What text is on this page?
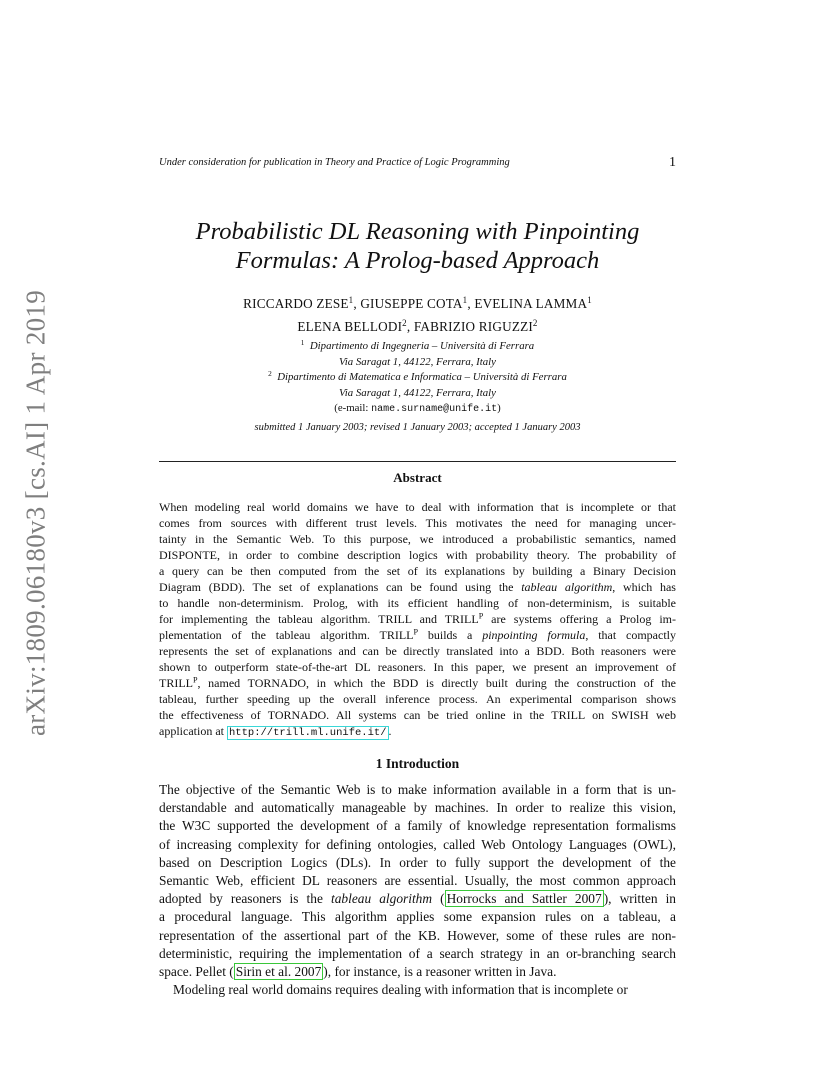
arXiv:1809.06180v3 [cs.AI] 1 Apr 2019
Under consideration for publication in Theory and Practice of Logic Programming	1
Probabilistic DL Reasoning with Pinpointing
Formulas: A Prolog-based Approach
RICCARDO ZESE$^1$, GIUSEPPE COTA$^1$, EVELINA LAMMA$^1$
ELENA BELLODI$^2$, FABRIZIO RIGUZZI$^2$
$^1$ Dipartimento di Ingegneria – Università di Ferrara
Via Saragat 1, 44122, Ferrara, Italy
$^2$ Dipartimento di Matematica e Informatica – Università di Ferrara
Via Saragat 1, 44122, Ferrara, Italy
(e-mail: name.surname@unife.it)
submitted 1 January 2003; revised 1 January 2003; accepted 1 January 2003
Abstract
When modeling real world domains we have to deal with information that is incomplete or that
comes from sources with different trust levels. This motivates the need for managing uncer-
tainty in the Semantic Web. To this purpose, we introduced a probabilistic semantics, named
DISPONTE, in order to combine description logics with probability theory. The probability of
a query can be then computed from the set of its explanations by building a Binary Decision
Diagram (BDD). The set of explanations can be found using the tableau algorithm, which has
to handle non-determinism. Prolog, with its efficient handling of non-determinism, is suitable
for implementing the tableau algorithm. TRILL and $TRILL^P$ are systems offering a Prolog im-
plementation of the tableau algorithm. $TRILL^P$ builds a pinpointing formula, that compactly
represents the set of explanations and can be directly translated into a BDD. Both reasoners were
shown to outperform state-of-the-art DL reasoners. In this paper, we present an improvement of
$TRILL^P$, named TORNADO, in which the BDD is directly built during the construction of the
tableau, further speeding up the overall inference process. An experimental comparison shows
the effectiveness of TORNADO. All systems can be tried online in the TRILL on SWISH web
application at http://trill.ml.unife.it/ .
1 Introduction
The objective of the Semantic Web is to make information available in a form that is un-
derstandable and automatically manageable by machines. In order to realize this vision,
the W3C supported the development of a family of knowledge representation formalisms
of increasing complexity for defining ontologies, called Web Ontology Languages (OWL),
based on Description Logics (DLs). In order to fully support the development of the
Semantic Web, efficient DL reasoners are essential. Usually, the most common approach
adopted by reasoners is the tableau algorithm ( Horrocks and Sattler 2007 ), written in
a procedural language. This algorithm applies some expansion rules on a tableau, a
representation of the assertional part of the KB. However, some of these rules are non-
deterministic, requiring the implementation of a search strategy in an or-branching search
space. Pellet ( Sirin et al. 2007 ), for instance, is a reasoner written in Java.
Modeling real world domains requires dealing with information that is incomplete or
